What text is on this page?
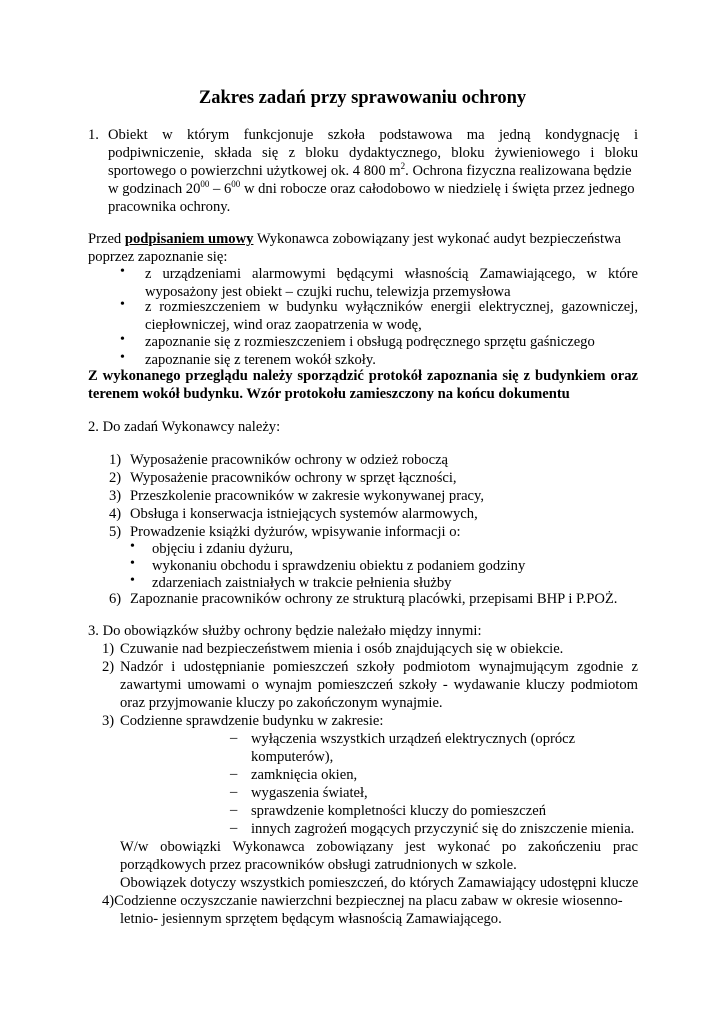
Zakres zadań przy sprawowaniu ochrony
1. Obiekt w którym funkcjonuje szkoła podstawowa ma jedną kondygnację i
podpiwniczenie, składa się z bloku dydaktycznego, bloku żywieniowego i bloku
sportowego o powierzchni użytkowej ok. 4 800 $m^2$. Ochrona fizyczna realizowana będzie
w godzinach $20^{00} - 6^{00}$ w dni robocze oraz całodobowo w niedzielę i święta przez jednego
pracownika ochrony.
Przed podpisaniem umowy Wykonawca zobowiązany jest wykonać audyt bezpieczeństwa
poprzez zapoznanie się:
• z urządzeniami alarmowymi będącymi własnością Zamawiającego, w które
wyposażony jest obiekt – czujki ruchu, telewizja przemysłowa
• z rozmieszczeniem w budynku wyłączników energii elektrycznej, gazowniczej,
ciepłowniczej, wind oraz zaopatrzenia w wodę,
• zapoznanie się z rozmieszczeniem i obsługą podręcznego sprzętu gaśniczego
• zapoznanie się z terenem wokół szkoły.
Z wykonanego przeglądu należy sporządzić protokół zapoznania się z budynkiem oraz
terenem wokół budynku. Wzór protokołu zamieszczony na końcu dokumentu
2. Do zadań Wykonawcy należy:
1) Wyposażenie pracowników ochrony w odzież roboczą
2) Wyposażenie pracowników ochrony w sprzęt łączności,
3) Przeszkolenie pracowników w zakresie wykonywanej pracy,
4) Obsługa i konserwacja istniejących systemów alarmowych,
5) Prowadzenie książki dyżurów, wpisywanie informacji o:
• objęciu i zdaniu dyżuru,
• wykonaniu obchodu i sprawdzeniu obiektu z podaniem godziny
• zdarzeniach zaistniałych w trakcie pełnienia służby
6) Zapoznanie pracowników ochrony ze strukturą placówki, przepisami BHP i P.POŻ.
3. Do obowiązków służby ochrony będzie należało między innymi:
1) Czuwanie nad bezpieczeństwem mienia i osób znajdujących się w obiekcie.
2) Nadzór i udostępnianie pomieszczeń szkoły podmiotom wynajmującym zgodnie z
zawartymi umowami o wynajm pomieszczeń szkoły - wydawanie kluczy podmiotom
oraz przyjmowanie kluczy po zakończonym wynajmie.
3) Codzienne sprawdzenie budynku w zakresie:
– wyłączenia wszystkich urządzeń elektrycznych (oprócz
komputerów),
– zamknięcia okien,
– wygaszenia świateł,
– sprawdzenie kompletności kluczy do pomieszczeń
– innych zagrożeń mogących przyczynić się do zniszczenie mienia.
W/w obowiązki Wykonawca zobowiązany jest wykonać po zakończeniu prac
porządkowych przez pracowników obsługi zatrudnionych w szkole.
Obowiązek dotyczy wszystkich pomieszczeń, do których Zamawiający udostępni klucze
4)Codzienne oczyszczanie nawierzchni bezpiecznej na placu zabaw w okresie wiosenno-
letnio- jesiennym sprzętem będącym własnością Zamawiającego.
